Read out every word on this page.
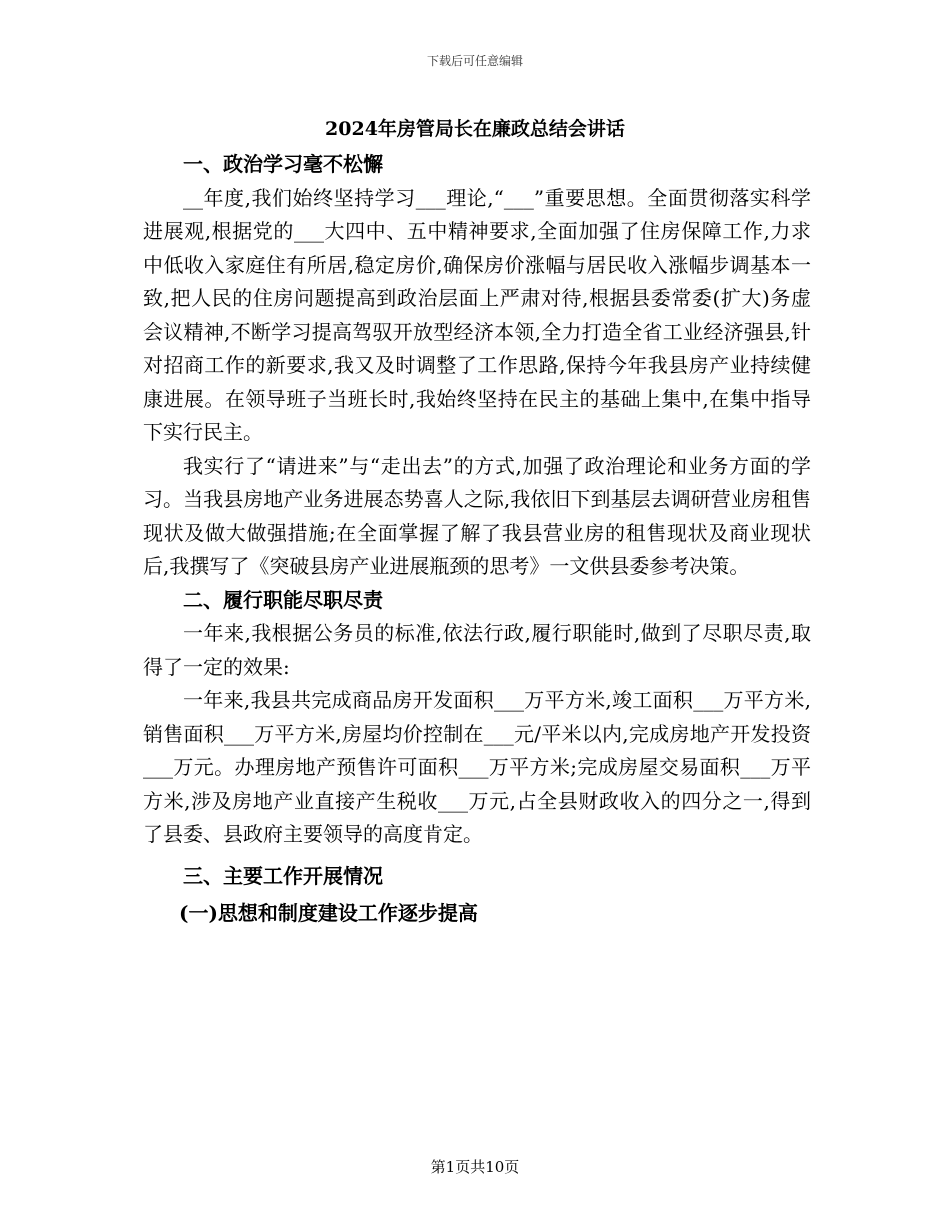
下载后可任意编辑
2024年房管局长在廉政总结会讲话
一、政治学习毫不松懈

__年度,我们始终坚持学习___理论,“___”重要思想。全面贯彻落实科学进展观,根据党的___大四中、五中精神要求,全面加强了住房保障工作,力求中低收入家庭住有所居,稳定房价,确保房价涨幅与居民收入涨幅步调基本一致,把人民的住房问题提高到政治层面上严肃对待,根据县委常委(扩大)务虚会议精神,不断学习提高驾驭开放型经济本领,全力打造全省工业经济强县,针对招商工作的新要求,我又及时调整了工作思路,保持今年我县房产业持续健康进展。在领导班子当班长时,我始终坚持在民主的基础上集中,在集中指导下实行民主。

我实行了“请进来”与“走出去”的方式,加强了政治理论和业务方面的学习。当我县房地产业务进展态势喜人之际,我依旧下到基层去调研营业房租售现状及做大做强措施;在全面掌握了解了我县营业房的租售现状及商业现状后,我撰写了《突破县房产业进展瓶颈的思考》一文供县委参考决策。

二、履行职能尽职尽责

一年来,我根据公务员的标准,依法行政,履行职能时,做到了尽职尽责,取得了一定的效果:

一年来,我县共完成商品房开发面积___万平方米,竣工面积___万平方米,销售面积___万平方米,房屋均价控制在___元/平米以内,完成房地产开发投资___万元。办理房地产预售许可面积___万平方米;完成房屋交易面积___万平方米,涉及房地产业直接产生税收___万元,占全县财政收入的四分之一,得到了县委、县政府主要领导的高度肯定。

三、主要工作开展情况
(一)思想和制度建设工作逐步提高
第1页共10页
